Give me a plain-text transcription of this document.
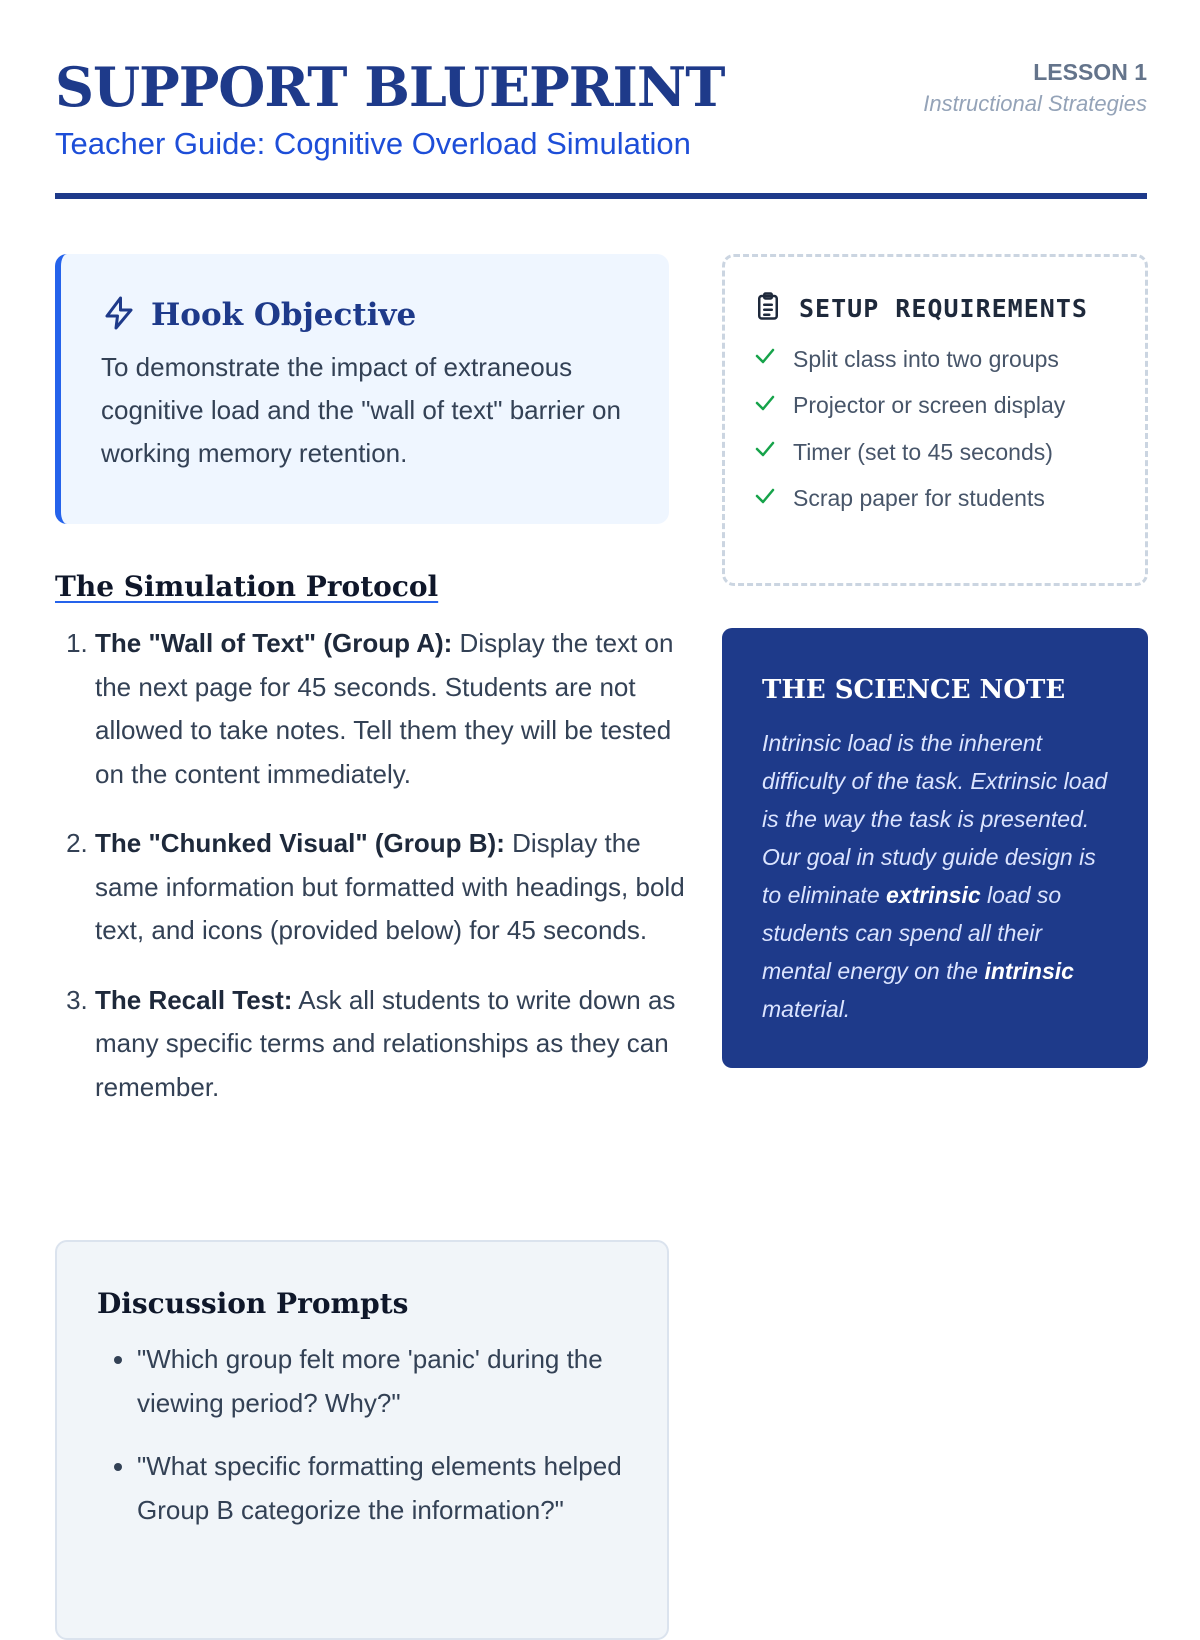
SUPPORT BLUEPRINT
Teacher Guide: Cognitive Overload Simulation
LESSON 1
Instructional Strategies
Hook Objective
To demonstrate the impact of extraneous cognitive load and the "wall of text" barrier on working memory retention.
The Simulation Protocol
1. The "Wall of Text" (Group A): Display the text on the next page for 45 seconds. Students are not allowed to take notes. Tell them they will be tested on the content immediately.
2. The "Chunked Visual" (Group B): Display the same information but formatted with headings, bold text, and icons (provided below) for 45 seconds.
3. The Recall Test: Ask all students to write down as many specific terms and relationships as they can remember.
Discussion Prompts
• "Which group felt more 'panic' during the viewing period? Why?"
• "What specific formatting elements helped Group B categorize the information?"
SETUP REQUIREMENTS
Split class into two groups
Projector or screen display
Timer (set to 45 seconds)
Scrap paper for students
THE SCIENCE NOTE
Intrinsic load is the inherent difficulty of the task. Extrinsic load is the way the task is presented. Our goal in study guide design is to eliminate extrinsic load so students can spend all their mental energy on the intrinsic material.
